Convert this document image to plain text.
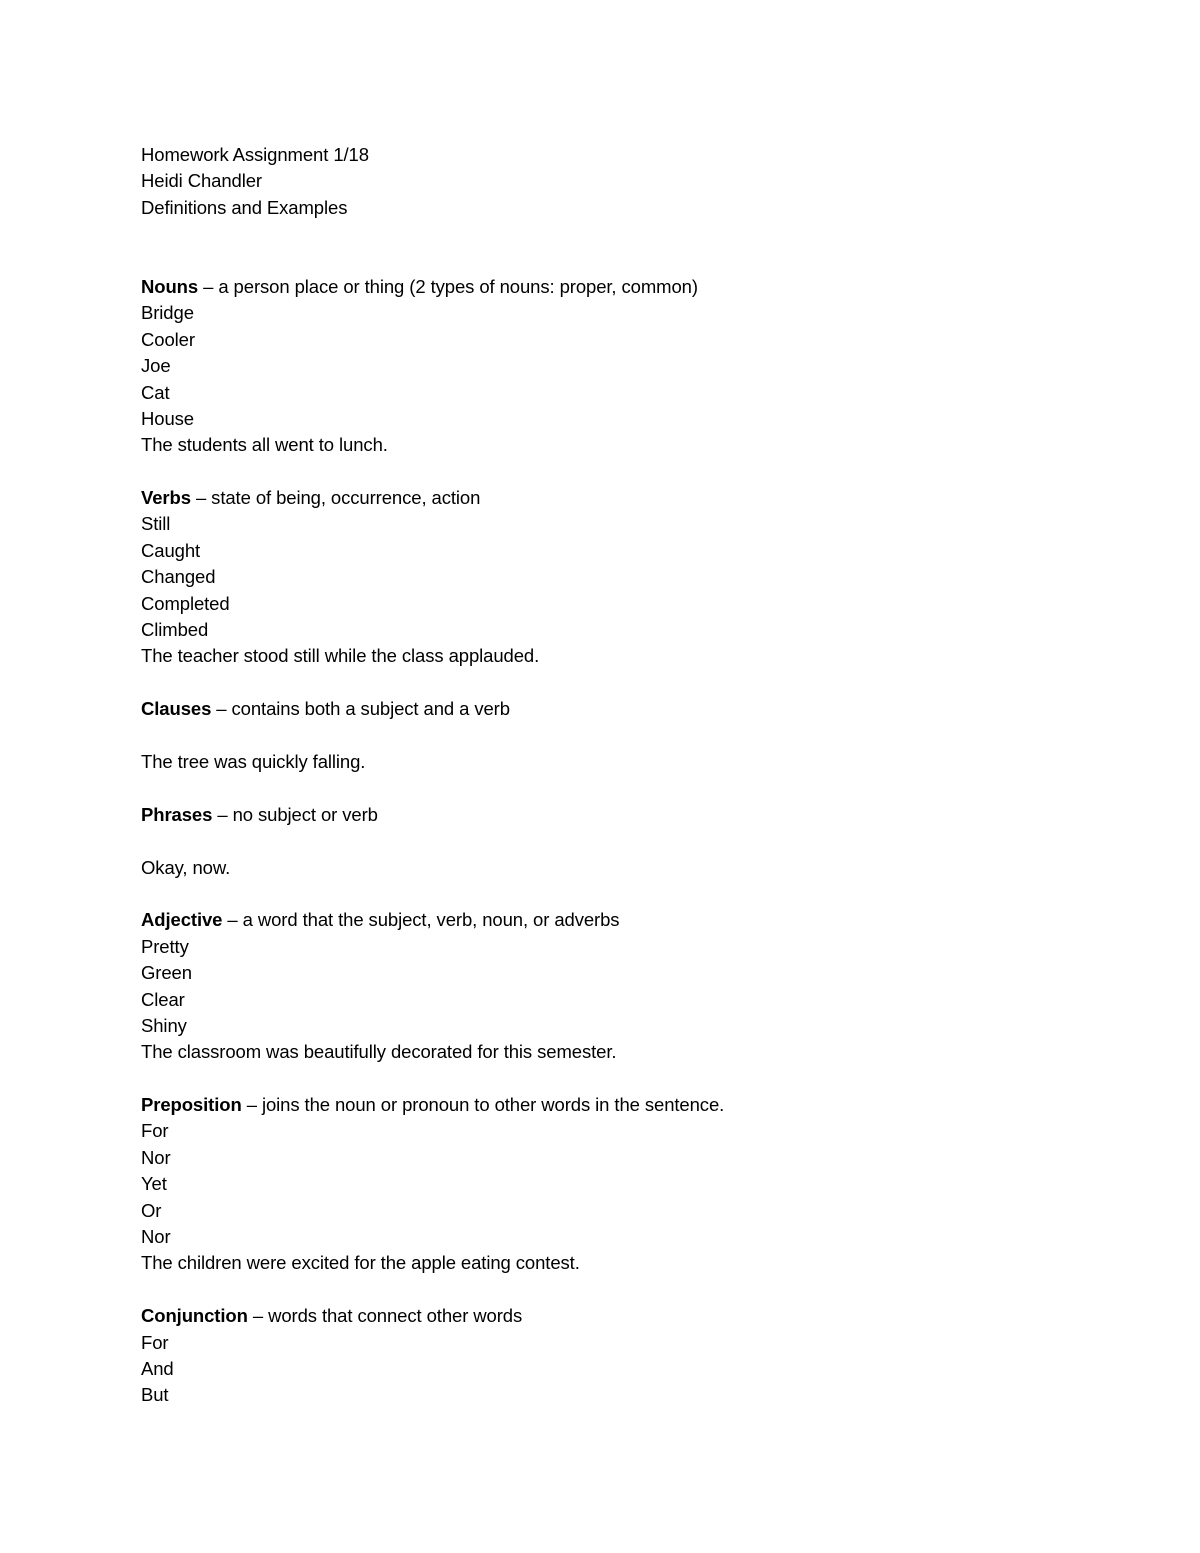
Homework Assignment 1/18
Heidi Chandler
Definitions and Examples
Nouns – a person place or thing (2 types of nouns: proper, common)
Bridge
Cooler
Joe
Cat
House
The students all went to lunch.
Verbs – state of being, occurrence, action
Still
Caught
Changed
Completed
Climbed
The teacher stood still while the class applauded.
Clauses – contains both a subject and a verb
The tree was quickly falling.
Phrases – no subject or verb
Okay, now.
Adjective – a word that the subject, verb, noun, or adverbs
Pretty
Green
Clear
Shiny
The classroom was beautifully decorated for this semester.
Preposition – joins the noun or pronoun to other words in the sentence.
For
Nor
Yet
Or
Nor
The children were excited for the apple eating contest.
Conjunction – words that connect other words
For
And
But
